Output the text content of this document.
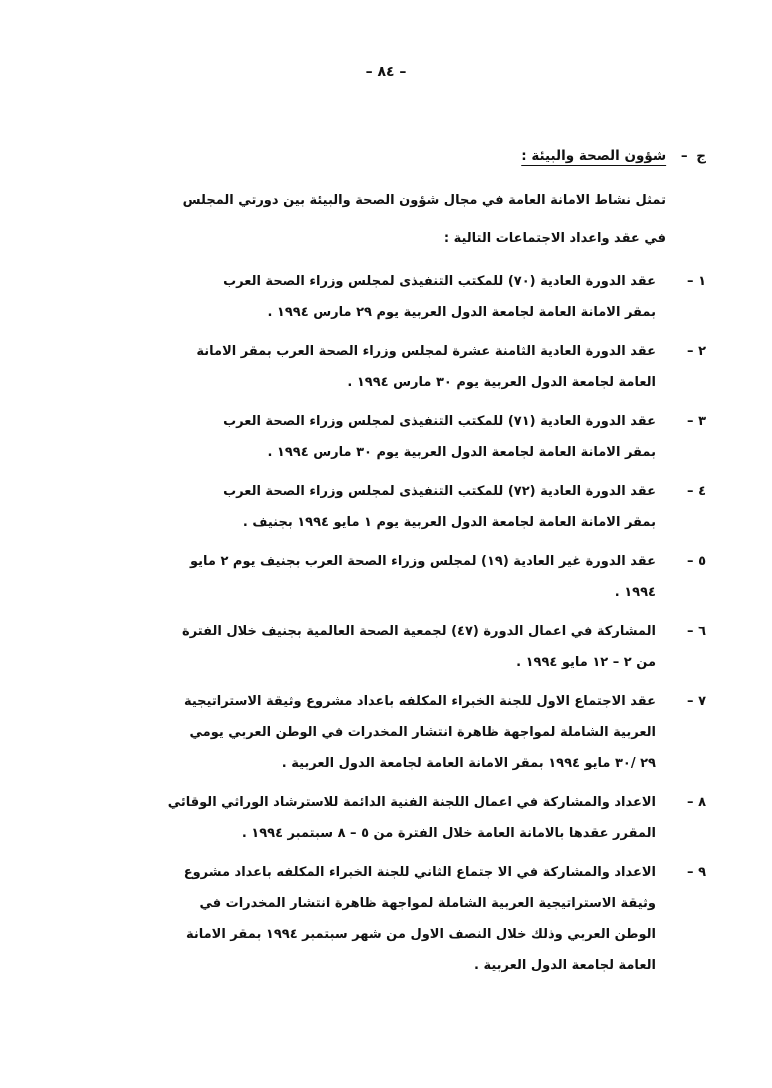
– ٨٤ –
ج – شؤون الصحة والبيئة :

تمثل نشاط الامانة العامة في مجال شؤون الصحة والبيئة بين دورتي المجلس

في عقد واعداد الاجتماعات التالية :

١ –
عقد الدورة العادية (٧٠) للمكتب التنفيذى لمجلس وزراء الصحة العرب
بمقر الامانة العامة لجامعة الدول العربية يوم ٢٩ مارس ١٩٩٤ .
٢ –
عقد الدورة العادية الثامنة عشرة لمجلس وزراء الصحة العرب بمقر الامانة
العامة لجامعة الدول العربية يوم ٣٠ مارس ١٩٩٤ .
٣ –
عقد الدورة العادية (٧١) للمكتب التنفيذى لمجلس وزراء الصحة العرب
بمقر الامانة العامة لجامعة الدول العربية يوم ٣٠ مارس ١٩٩٤ .
٤ –
عقد الدورة العادية (٧٢) للمكتب التنفيذى لمجلس وزراء الصحة العرب
بمقر الامانة العامة لجامعة الدول العربية يوم ١ مايو ١٩٩٤ بجنيف .
٥ –
عقد الدورة غير العادية (١٩) لمجلس وزراء الصحة العرب بجنيف يوم ٢ مايو
١٩٩٤ .
٦ –
المشاركة في اعمال الدورة (٤٧) لجمعية الصحة العالمية بجنيف خلال الفترة
من ٢ – ١٢ مايو ١٩٩٤ .
٧ –
عقد الاجتماع الاول للجنة الخبراء المكلفه باعداد مشروع وثيقة الاستراتيجية
العربية الشاملة لمواجهة ظاهرة انتشار المخدرات في الوطن العربي يومي
٢٩ /٣٠ مايو ١٩٩٤ بمقر الامانة العامة لجامعة الدول العربية .
٨ –
الاعداد والمشاركة في اعمال اللجنة الفنية الدائمة للاسترشاد الوراثي الوقائي
المقرر عقدها بالامانة العامة خلال الفترة من ٥ – ٨ سبتمبر ١٩٩٤ .
٩ –
الاعداد والمشاركة في الا جتماع الثاني للجنة الخبراء المكلفه باعداد مشروع
وثيقة الاستراتيجية العربية الشاملة لمواجهة ظاهرة انتشار المخدرات في
الوطن العربي وذلك خلال النصف الاول من شهر سبتمبر ١٩٩٤ بمقر الامانة
العامة لجامعة الدول العربية .
